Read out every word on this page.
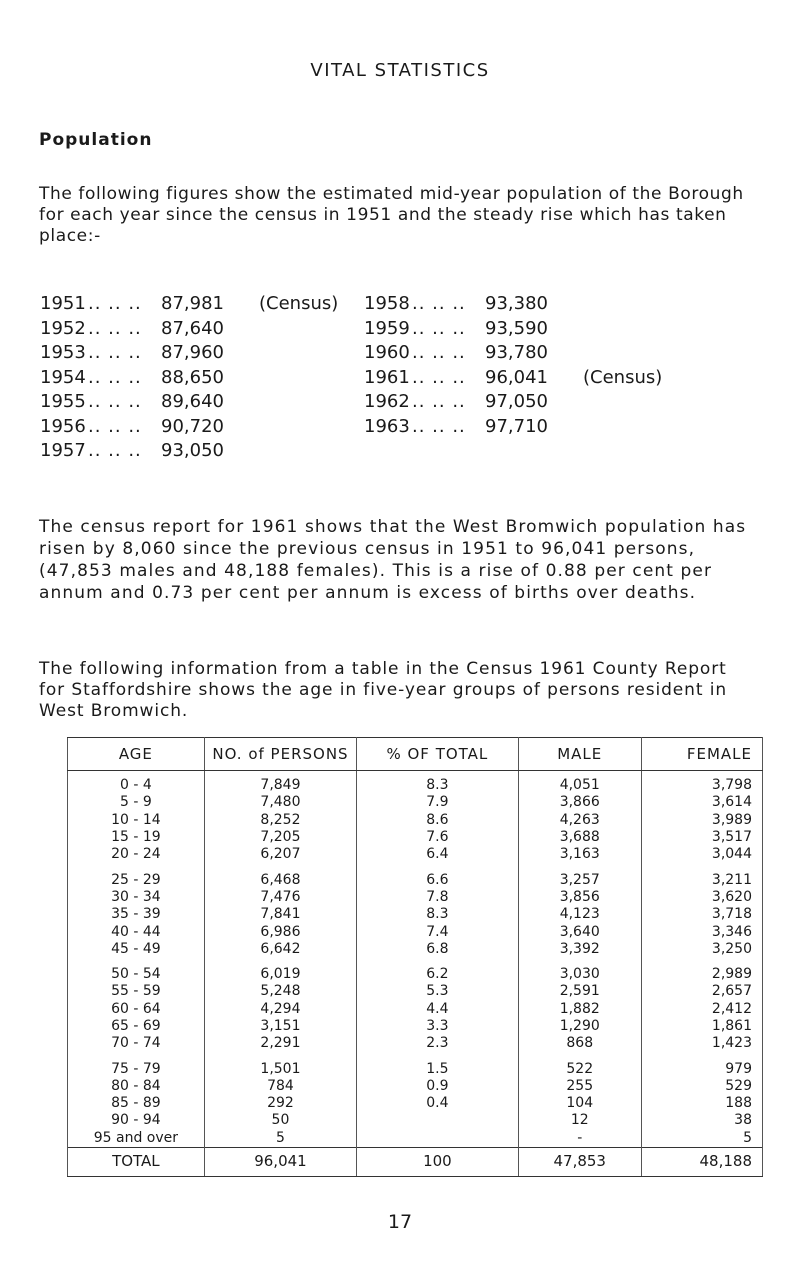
VITAL STATISTICS
Population

The following figures show the estimated mid-year population of the Borough for each year since the census in 1951 and the steady rise which has taken place:-

1951 .. .. ..	87,981	(Census)
1952 .. .. ..	87,640
1953 .. .. ..	87,960
1954 .. .. ..	88,650
1955 .. .. ..	89,640
1956 .. .. ..	90,720
1957 .. .. ..	93,050
1958 .. .. ..	93,380
1959 .. .. ..	93,590
1960 .. .. ..	93,780
1961 .. .. ..	96,041	(Census)
1962 .. .. ..	97,050
1963 .. .. ..	97,710

The census report for 1961 shows that the West Bromwich population has risen by 8,060 since the previous census in 1951 to 96,041 persons, (47,853 males and 48,188 females). This is a rise of 0.88 per cent per annum and 0.73 per cent per annum is excess of births over deaths.

The following information from a table in the Census 1961 County Report for Staffordshire shows the age in five-year groups of persons resident in West Bromwich.

AGE	NO. of PERSONS	% OF TOTAL	MALE	FEMALE
0 - 4	7,849	8.3	4,051	3,798
5 - 9	7,480	7.9	3,866	3,614
10 - 14	8,252	8.6	4,263	3,989
15 - 19	7,205	7.6	3,688	3,517
20 - 24	6,207	6.4	3,163	3,044

25 - 29	6,468	6.6	3,257	3,211
30 - 34	7,476	7.8	3,856	3,620
35 - 39	7,841	8.3	4,123	3,718
40 - 44	6,986	7.4	3,640	3,346
45 - 49	6,642	6.8	3,392	3,250

50 - 54	6,019	6.2	3,030	2,989
55 - 59	5,248	5.3	2,591	2,657
60 - 64	4,294	4.4	1,882	2,412
65 - 69	3,151	3.3	1,290	1,861
70 - 74	2,291	2.3	868	1,423

75 - 79	1,501	1.5	522	979
80 - 84	784	0.9	255	529
85 - 89	292	0.4	104	188
90 - 94	50		12	38
95 and over	5		-	5
TOTAL	96,041	100	47,853	48,188
17
